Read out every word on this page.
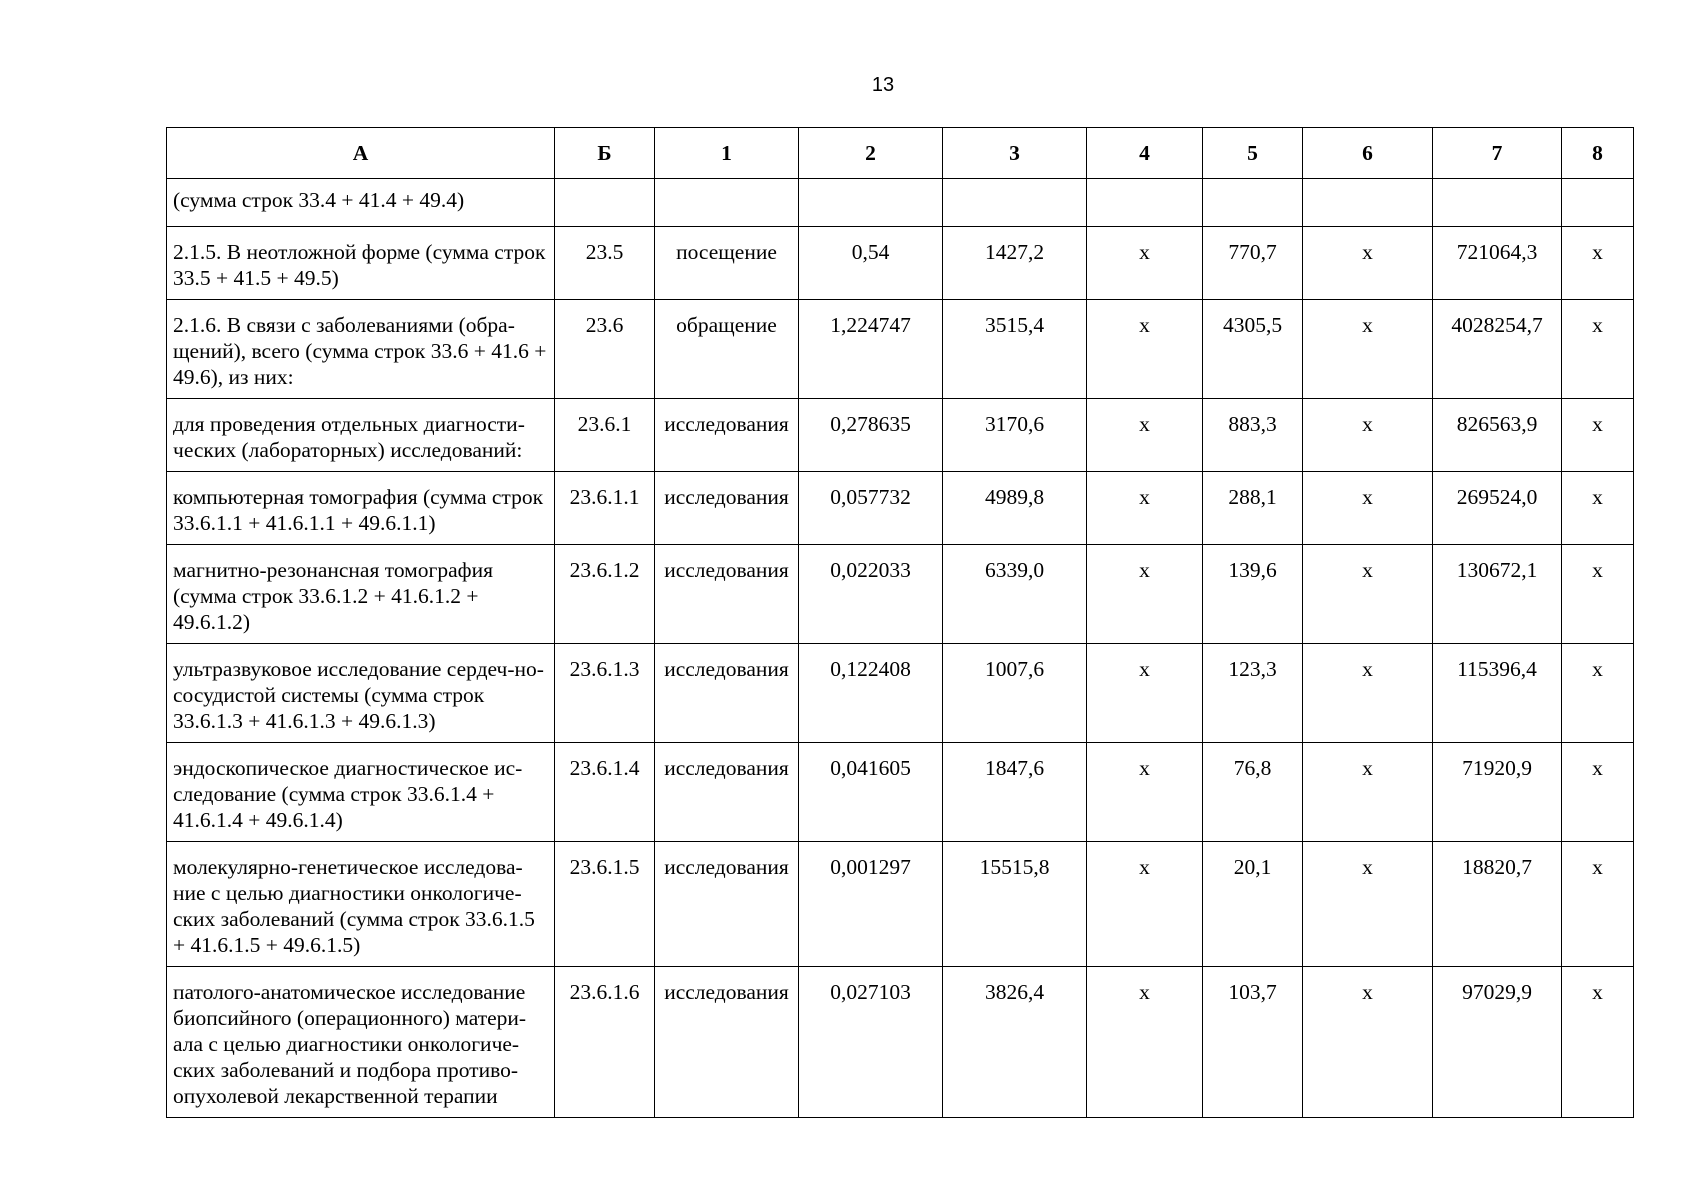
13
А	Б	1	2	3	4	5	6	7	8
(сумма строк 33.4 + 41.4 + 49.4)									
2.1.5. В неотложной форме (сумма строк 33.5 + 41.5 + 49.5)	23.5	посещение	0,54	1427,2	х	770,7	х	721064,3	х
2.1.6. В связи с заболеваниями (обра-щений), всего (сумма строк 33.6 + 41.6 + 49.6), из них:	23.6	обращение	1,224747	3515,4	х	4305,5	х	4028254,7	х
для проведения отдельных диагности-ческих (лабораторных) исследований:	23.6.1	исследования	0,278635	3170,6	х	883,3	х	826563,9	х
компьютерная томография (сумма строк 33.6.1.1 + 41.6.1.1 + 49.6.1.1)	23.6.1.1	исследования	0,057732	4989,8	х	288,1	х	269524,0	х
магнитно-резонансная томография (сумма строк 33.6.1.2 + 41.6.1.2 + 49.6.1.2)	23.6.1.2	исследования	0,022033	6339,0	х	139,6	х	130672,1	х
ультразвуковое исследование сердеч-но-сосудистой системы (сумма строк 33.6.1.3 + 41.6.1.3 + 49.6.1.3)	23.6.1.3	исследования	0,122408	1007,6	х	123,3	х	115396,4	х
эндоскопическое диагностическое ис-следование (сумма строк 33.6.1.4 + 41.6.1.4 + 49.6.1.4)	23.6.1.4	исследования	0,041605	1847,6	х	76,8	х	71920,9	х
молекулярно-генетическое исследова-ние с целью диагностики онкологиче-ских заболеваний (сумма строк 33.6.1.5 + 41.6.1.5 + 49.6.1.5)	23.6.1.5	исследования	0,001297	15515,8	х	20,1	х	18820,7	х
патолого-анатомическое исследование биопсийного (операционного) матери-ала с целью диагностики онкологиче-ских заболеваний и подбора противо-опухолевой лекарственной терапии	23.6.1.6	исследования	0,027103	3826,4	х	103,7	х	97029,9	х
